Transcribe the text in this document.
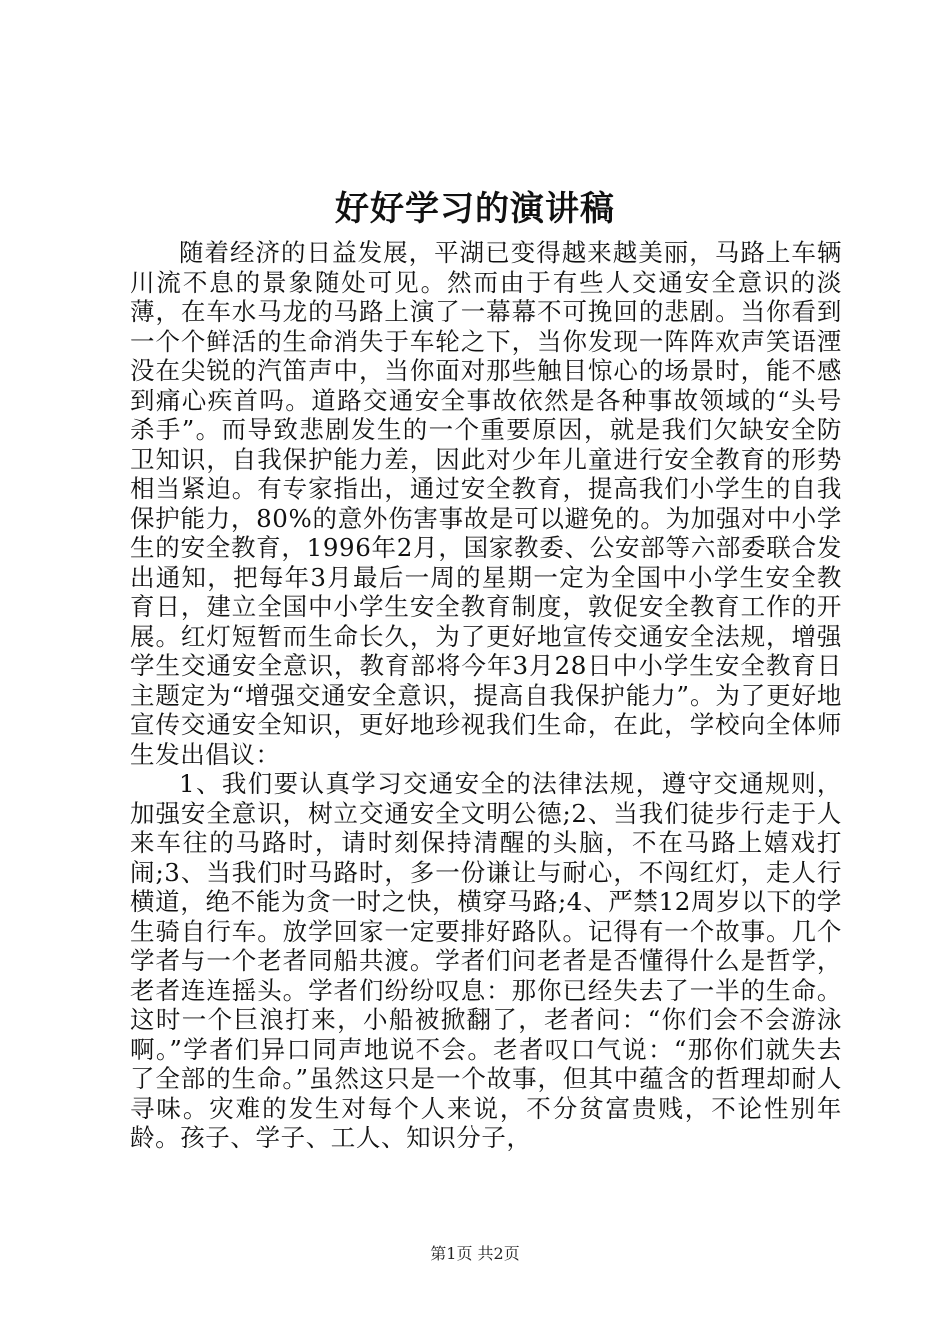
好好学习的演讲稿

随着经济的日益发展，平湖已变得越来越美丽，马路上车辆川流不息的景象随处可见。然而由于有些人交通安全意识的淡薄，在车水马龙的马路上演了一幕幕不可挽回的悲剧。当你看到一个个鲜活的生命消失于车轮之下，当你发现一阵阵欢声笑语湮没在尖锐的汽笛声中，当你面对那些触目惊心的场景时，能不感到痛心疾首吗。道路交通安全事故依然是各种事故领域的“头号杀手”。而导致悲剧发生的一个重要原因，就是我们欠缺安全防卫知识，自我保护能力差，因此对少年儿童进行安全教育的形势相当紧迫。有专家指出，通过安全教育，提高我们小学生的自我保护能力，80%的意外伤害事故是可以避免的。为加强对中小学生的安全教育，1996年2月，国家教委、公安部等六部委联合发出通知，把每年3月最后一周的星期一定为全国中小学生安全教育日，建立全国中小学生安全教育制度，敦促安全教育工作的开展。红灯短暂而生命长久，为了更好地宣传交通安全法规，增强学生交通安全意识，教育部将今年3月28日中小学生安全教育日主题定为“增强交通安全意识，提高自我保护能力”。为了更好地宣传交通安全知识，更好地珍视我们生命，在此，学校向全体师生发出倡议：

1、我们要认真学习交通安全的法律法规，遵守交通规则，加强安全意识，树立交通安全文明公德;2、当我们徒步行走于人来车往的马路时，请时刻保持清醒的头脑，不在马路上嬉戏打闹;3、当我们时马路时，多一份谦让与耐心，不闯红灯，走人行横道，绝不能为贪一时之快，横穿马路;4、严禁12周岁以下的学生骑自行车。放学回家一定要排好路队。记得有一个故事。几个学者与一个老者同船共渡。学者们问老者是否懂得什么是哲学，老者连连摇头。学者们纷纷叹息：那你已经失去了一半的生命。这时一个巨浪打来，小船被掀翻了，老者问：“你们会不会游泳啊。”学者们异口同声地说不会。老者叹口气说：“那你们就失去了全部的生命。”虽然这只是一个故事，但其中蕴含的哲理却耐人寻味。灾难的发生对每个人来说，不分贫富贵贱，不论性别年龄。孩子、学子、工人、知识分子，

第1页 共2页
